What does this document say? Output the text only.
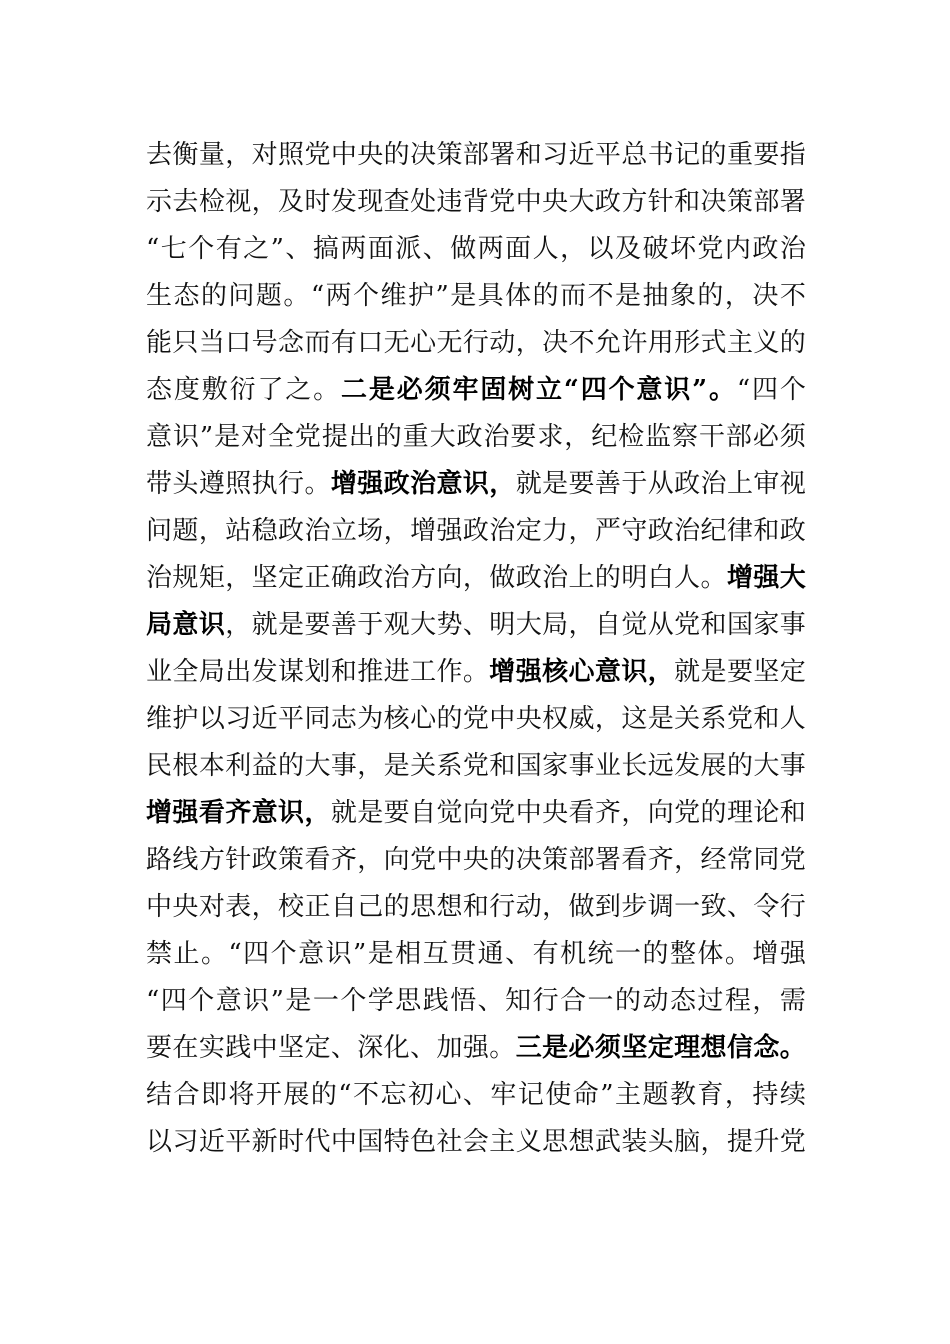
去 衡 量 ， 对 照 党 中 央 的 决 策 部 署 和 习 近 平 总 书 记 的 重 要 指
示 去 检 视 ， 及 时 发 现 查 处 违 背 党 中 央 大 政 方 针 和 决 策 部 署
“ 七 个 有 之 ” 、 搞 两 面 派 、 做 两 面 人 ， 以 及 破 坏 党 内 政 治
生 态 的 问 题 。 “ 两 个 维 护 ” 是 具 体 的 而 不 是 抽 象 的 ， 决 不
能 只 当 口 号 念 而 有 口 无 心 无 行 动 ， 决 不 允 许 用 形 式 主 义 的
态 度 敷 衍 了 之 。 二 是 必 须 牢 固 树 立 “ 四 个 意 识 ” 。 “ 四 个
意 识 ” 是 对 全 党 提 出 的 重 大 政 治 要 求 ， 纪 检 监 察 干 部 必 须
带 头 遵 照 执 行 。 增 强 政 治 意 识 ， 就 是 要 善 于 从 政 治 上 审 视
问 题 ， 站 稳 政 治 立 场 ， 增 强 政 治 定 力 ， 严 守 政 治 纪 律 和 政
治 规 矩 ， 坚 定 正 确 政 治 方 向 ， 做 政 治 上 的 明 白 人 。 增 强 大
局 意 识 ， 就 是 要 善 于 观 大 势 、 明 大 局 ， 自 觉 从 党 和 国 家 事
业 全 局 出 发 谋 划 和 推 进 工 作 。 增 强 核 心 意 识 ， 就 是 要 坚 定
维 护 以 习 近 平 同 志 为 核 心 的 党 中 央 权 威 ， 这 是 关 系 党 和 人
民 根 本 利 益 的 大 事 ， 是 关 系 党 和 国 家 事 业 长 远 发 展 的 大 事
增 强 看 齐 意 识 ， 就 是 要 自 觉 向 党 中 央 看 齐 ， 向 党 的 理 论 和
路 线 方 针 政 策 看 齐 ， 向 党 中 央 的 决 策 部 署 看 齐 ， 经 常 同 党
中 央 对 表 ， 校 正 自 己 的 思 想 和 行 动 ， 做 到 步 调 一 致 、 令 行
禁 止 。 “ 四 个 意 识 ” 是 相 互 贯 通 、 有 机 统 一 的 整 体 。 增 强
“ 四 个 意 识 ” 是 一 个 学 思 践 悟 、 知 行 合 一 的 动 态 过 程 ， 需
要 在 实 践 中 坚 定 、 深 化 、 加 强 。 三 是 必 须 坚 定 理 想 信 念 。
结 合 即 将 开 展 的 “ 不 忘 初 心 、 牢 记 使 命 ” 主 题 教 育 ， 持 续
以 习 近 平 新 时 代 中 国 特 色 社 会 主 义 思 想 武 装 头 脑 ， 提 升 党
